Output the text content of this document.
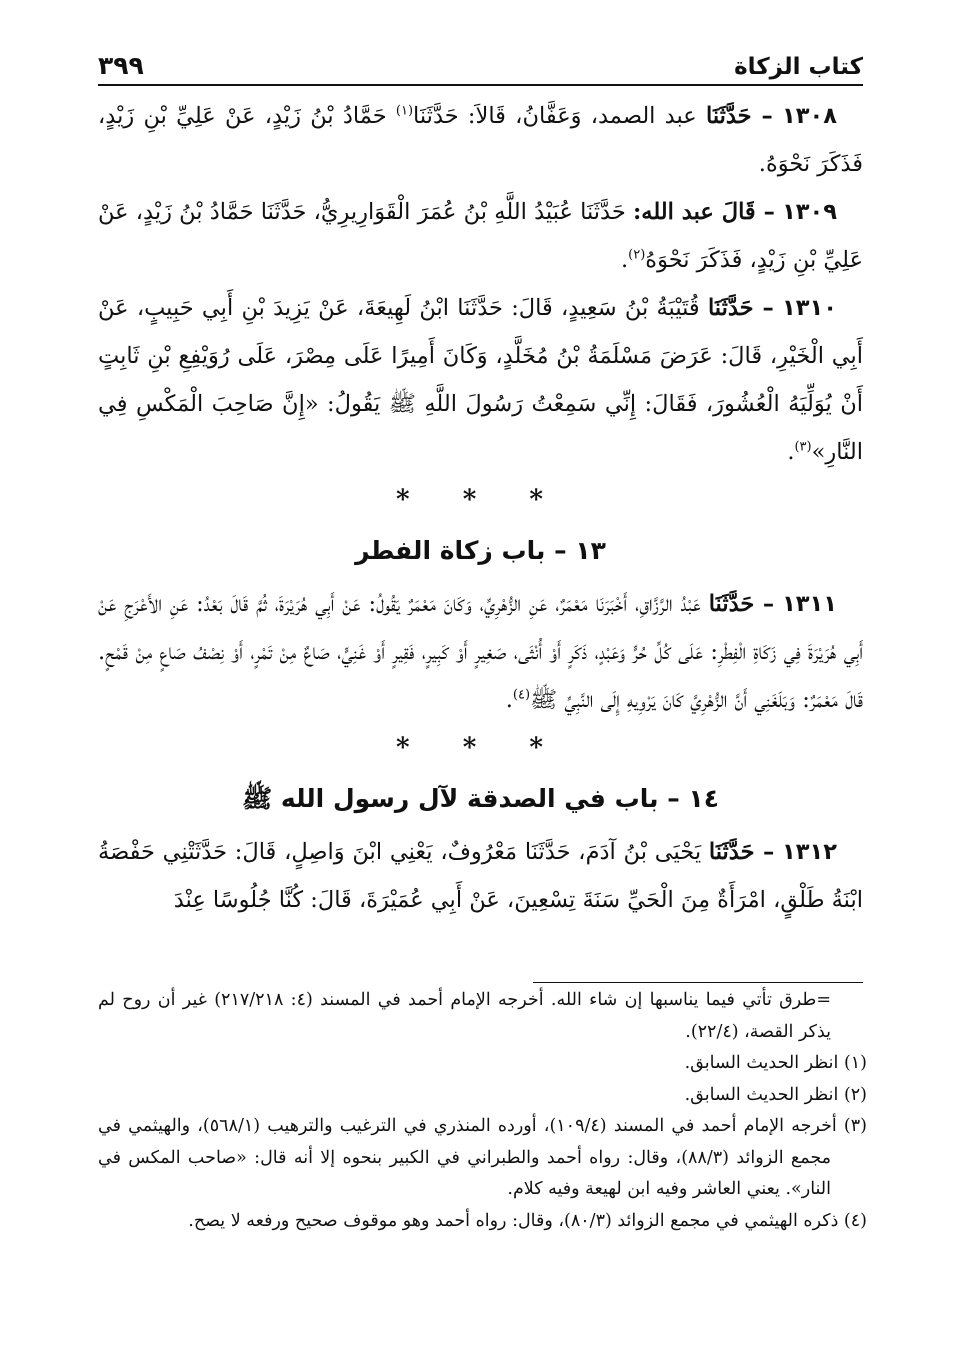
كتاب الزكاة
٣٩٩

١٣٠٨ – حَدَّثَنَا عبد الصمد، وَعَفَّانُ، قَالاَ: حَدَّثَنَا$^{(١)}$ حَمَّادُ بْنُ زَيْدٍ، عَنْ عَلِيِّ بْنِ زَيْدٍ، فَذَكَرَ نَحْوَهُ.

١٣٠٩ – قَالَ عبد الله: حَدَّثَنَا عُبَيْدُ اللَّهِ بْنُ عُمَرَ الْقَوَارِيرِيُّ، حَدَّثَنَا حَمَّادُ بْنُ زَيْدٍ، عَنْ عَلِيِّ بْنِ زَيْدٍ، فَذَكَرَ نَحْوَهُ$^{(٢)}$.

١٣١٠ – حَدَّثَنَا قُتَيْبَةُ بْنُ سَعِيدٍ، قَالَ: حَدَّثَنَا ابْنُ لَهِيعَةَ، عَنْ يَزِيدَ بْنِ أَبِي حَبِيبٍ، عَنْ أَبِي الْخَيْرِ، قَالَ: عَرَضَ مَسْلَمَةُ بْنُ مُخَلَّدٍ، وَكَانَ أَمِيرًا عَلَى مِصْرَ، عَلَى رُوَيْفِعِ بْنِ ثَابِتٍ أَنْ يُوَلِّيَهُ الْعُشُورَ، فَقَالَ: إِنِّي سَمِعْتُ رَسُولَ اللَّهِ ﷺ يَقُولُ: «إِنَّ صَاحِبَ الْمَكْسِ فِي النَّارِ»$^{(٣)}$.

* * *
١٣ – باب زكاة الفطر

١٣١١ – حَدَّثَنَا عَبْدُ الرَّزَّاقِ، أَخْبَرَنَا مَعْمَرٌ، عَنِ الزُّهْرِيِّ، وَكَانَ مَعْمَرٌ يَقُولُ: عَنْ أَبِي هُرَيْرَةَ، ثُمَّ قَالَ بَعْدُ: عَنِ الأَعْرَجِ عَنْ أَبِي هُرَيْرَةَ فِي زَكَاةِ الْفِطْرِ: عَلَى كُلِّ حُرٍّ وَعَبْدٍ، ذَكَرٍ أَوْ أُنْثَى، صَغِيرٍ أَوْ كَبِيرٍ، فَقِيرٍ أَوْ غَنِيٍّ، صَاعٌ مِنْ تَمْرٍ، أَوْ نِصْفُ صَاعٍ مِنْ قَمْحٍ. قَالَ مَعْمَرٌ: وَبَلَغَنِي أَنَّ الزُّهْرِيَّ كَانَ يَرْوِيهِ إِلَى النَّبِيِّ ﷺ$^{(٤)}$.

* * *
١٤ – باب في الصدقة لآل رسول الله ﷺ

١٣١٢ – حَدَّثَنَا يَحْيَى بْنُ آدَمَ، حَدَّثَنَا مَعْرُوفٌ، يَعْنِي ابْنَ وَاصِلٍ، قَالَ: حَدَّثَتْنِي حَفْصَةُ ابْنَةُ طَلْقٍ، امْرَأَةٌ مِنَ الْحَيِّ سَنَةَ تِسْعِينَ، عَنْ أَبِي عُمَيْرَةَ، قَالَ: كُنَّا جُلُوسًا عِنْدَ

=طرق تأتي فيما يناسبها إن شاء الله. أخرجه الإمام أحمد في المسند (٤: ٢١٧/٢١٨) غير أن روح لم يذكر القصة، (٢٢/٤).

(١) انظر الحديث السابق.

(٢) انظر الحديث السابق.

(٣) أخرجه الإمام أحمد في المسند (١٠٩/٤)، أورده المنذري في الترغيب والترهيب (٥٦٨/١)، والهيثمي في مجمع الزوائد (٨٨/٣)، وقال: رواه أحمد والطبراني في الكبير بنحوه إلا أنه قال: «صاحب المكس في النار». يعني العاشر وفيه ابن لهيعة وفيه كلام.

(٤) ذكره الهيثمي في مجمع الزوائد (٨٠/٣)، وقال: رواه أحمد وهو موقوف صحيح ورفعه لا يصح.
